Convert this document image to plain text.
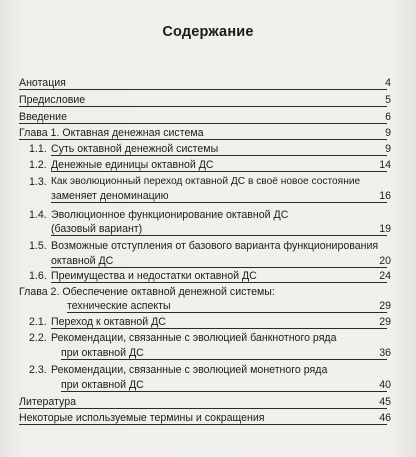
Содержание
Анотация	4
Предисловие	5
Введение	6
Глава 1. Октавная денежная система	9
1.1. Суть октавной денежной системы	9
1.2. Денежные единицы октавной ДС	14
1.3. Как эволюционный переход октавной ДС в своё новое состояние
заменяет деноминацию	16
1.4. Эволюционное функционирование октавной ДС
(базовый вариант)	19
1.5. Возможные отступления от базового варианта функционирования
октавной ДС	20
1.6. Преимущества и недостатки октавной ДС	24
Глава 2. Обеспечение октавной денежной системы:
технические аспекты	29
2.1. Переход к октавной ДС	29
2.2. Рекомендации, связанные с эволюцией банкнотного ряда
при октавной ДС	36
2.3. Рекомендации, связанные с эволюцией монетного ряда
при октавной ДС	40
Литература	45
Некоторые используемые термины и сокращения	46
